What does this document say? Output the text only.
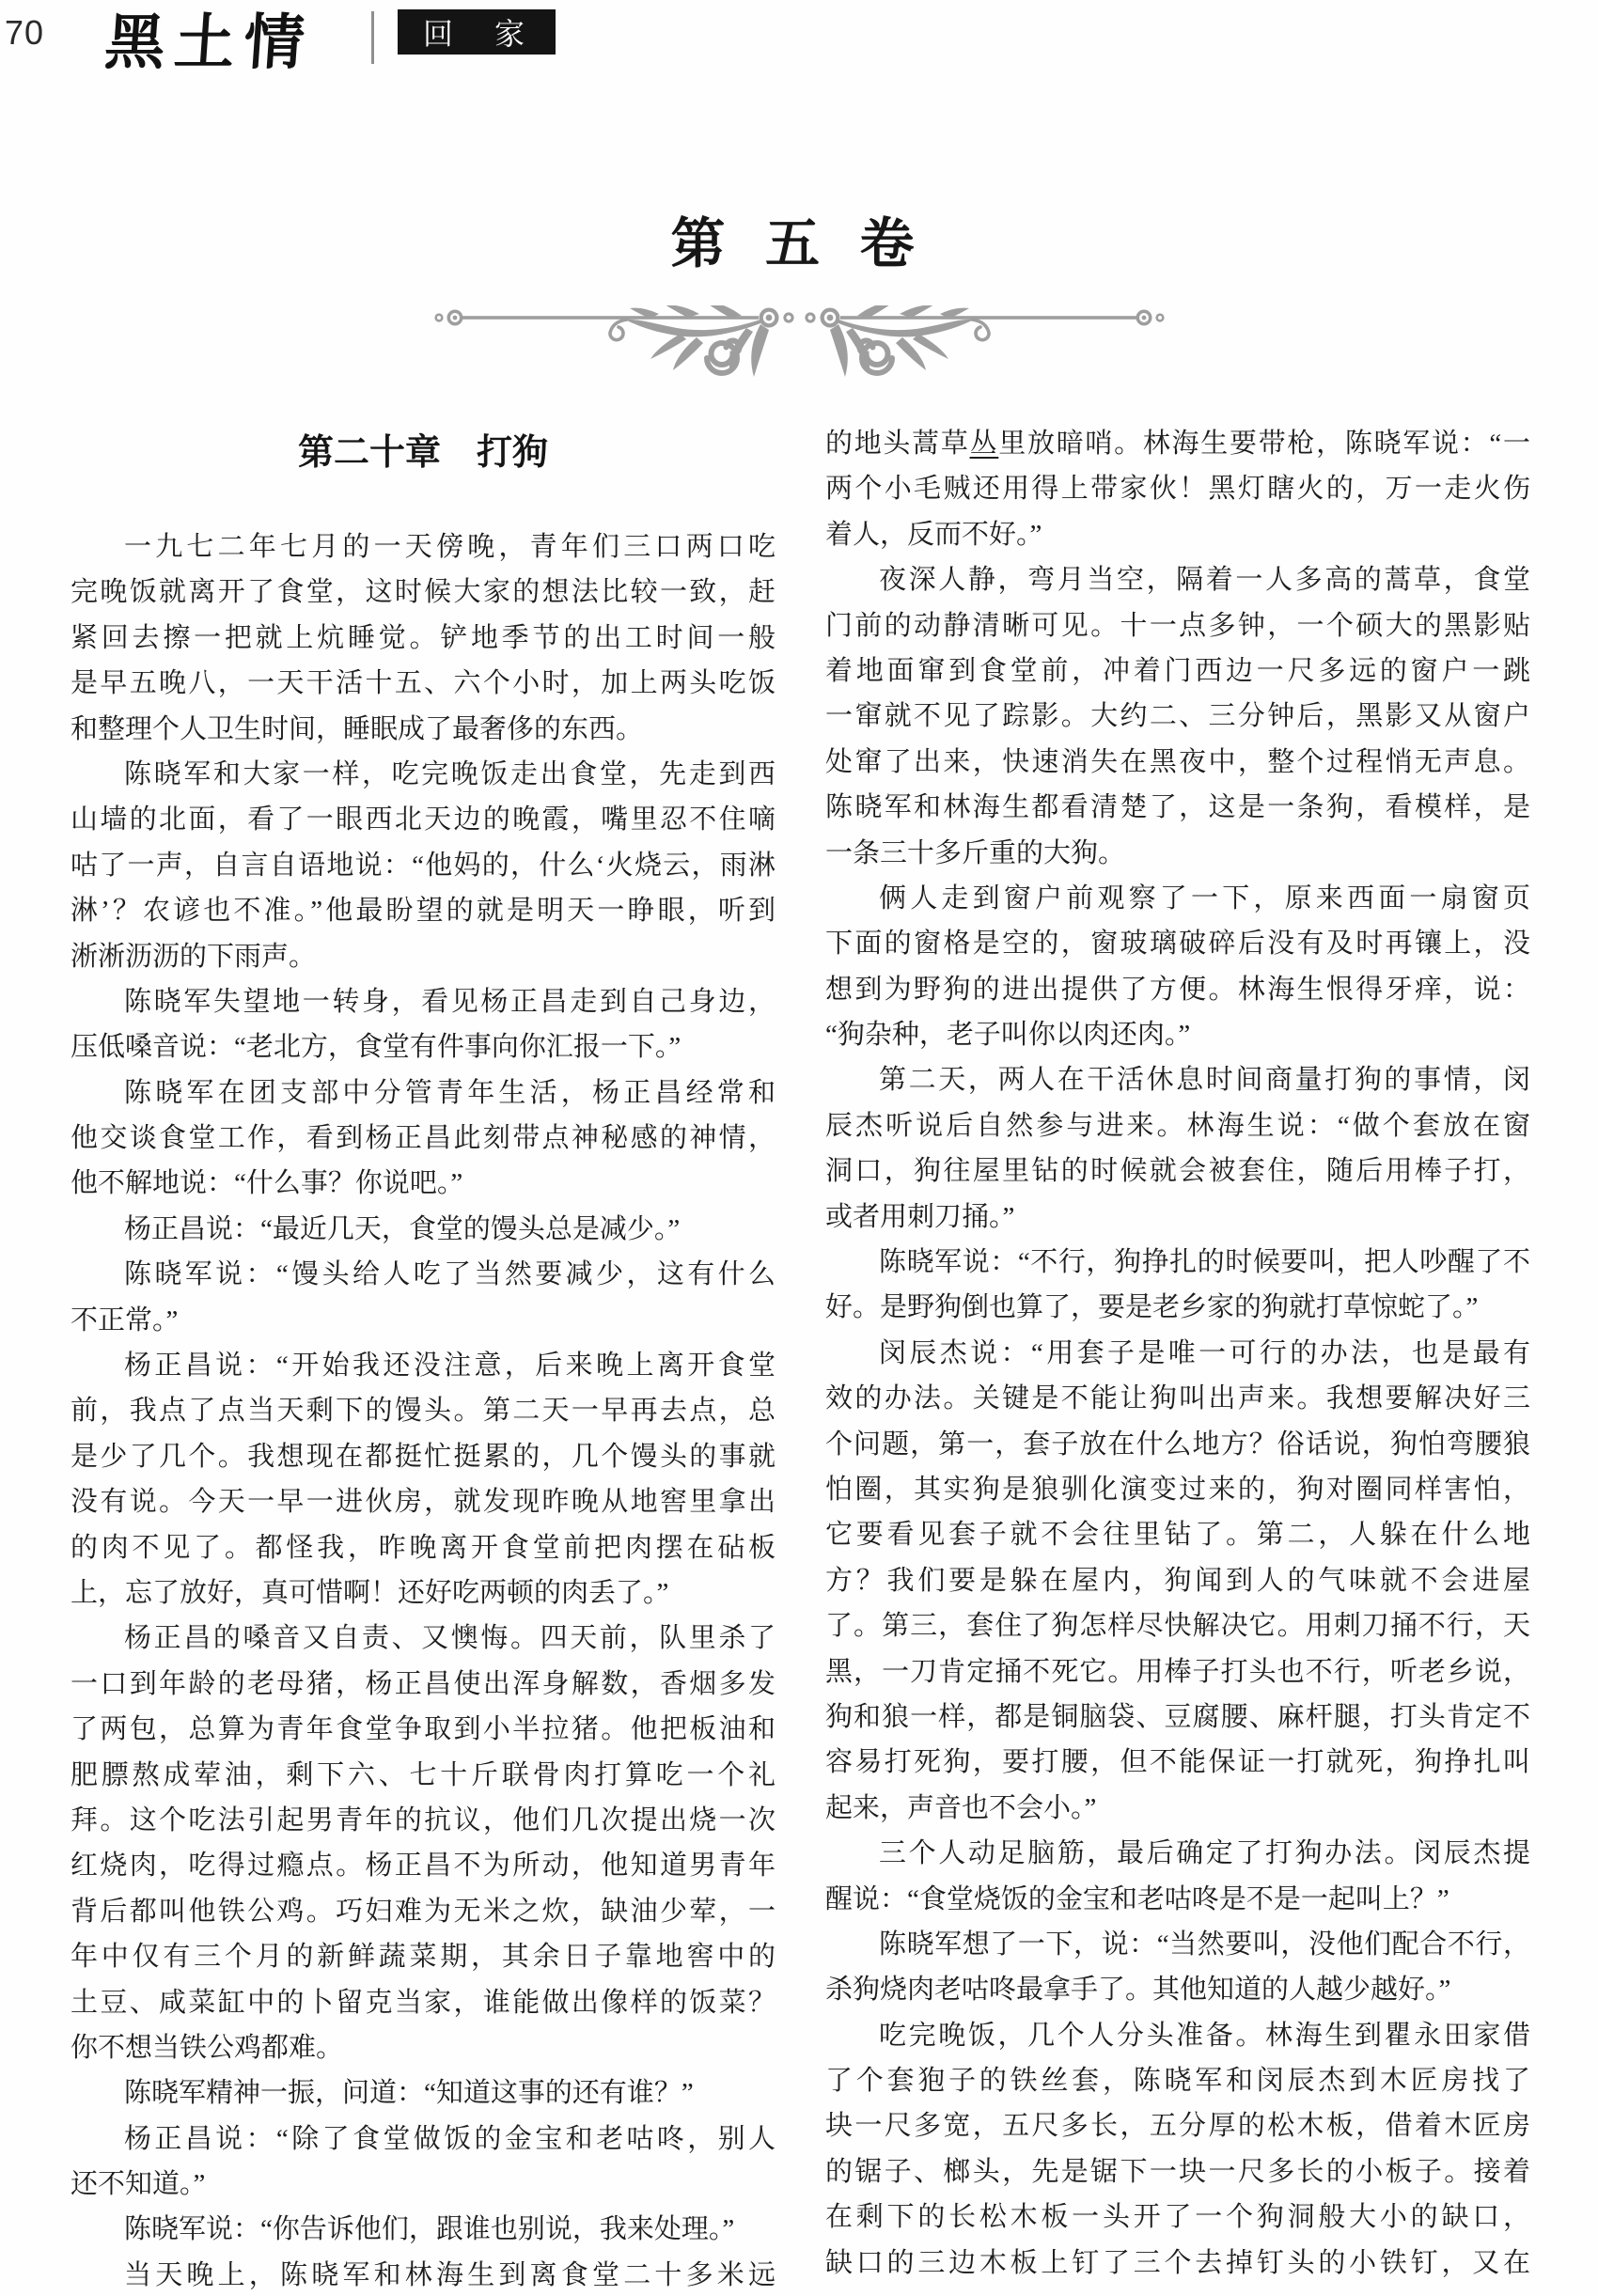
70 黑土情	回　家
第 五 卷
第二十章　打狗
一九七二年七月的一天傍晚，青年们三口两口吃
完晚饭就离开了食堂，这时候大家的想法比较一致，赶
紧回去擦一把就上炕睡觉。铲地季节的出工时间一般
是早五晚八，一天干活十五、六个小时，加上两头吃饭
和整理个人卫生时间，睡眠成了最奢侈的东西。
陈晓军和大家一样，吃完晚饭走出食堂，先走到西
山墙的北面，看了一眼西北天边的晚霞，嘴里忍不住嘀
咕了一声，自言自语地说：“他妈的，什么‘火烧云，雨淋
淋’？农谚也不准。”他最盼望的就是明天一睁眼，听到
淅淅沥沥的下雨声。
陈晓军失望地一转身，看见杨正昌走到自己身边，
压低嗓音说：“老北方，食堂有件事向你汇报一下。”
陈晓军在团支部中分管青年生活，杨正昌经常和
他交谈食堂工作，看到杨正昌此刻带点神秘感的神情，
他不解地说：“什么事？你说吧。”
杨正昌说：“最近几天，食堂的馒头总是减少。”
陈晓军说：“馒头给人吃了当然要减少，这有什么
不正常。”
杨正昌说：“开始我还没注意，后来晚上离开食堂
前，我点了点当天剩下的馒头。第二天一早再去点，总
是少了几个。我想现在都挺忙挺累的，几个馒头的事就
没有说。今天一早一进伙房，就发现昨晚从地窖里拿出
的肉不见了。都怪我，昨晚离开食堂前把肉摆在砧板
上，忘了放好，真可惜啊！还好吃两顿的肉丢了。”
杨正昌的嗓音又自责、又懊悔。四天前，队里杀了
一口到年龄的老母猪，杨正昌使出浑身解数，香烟多发
了两包，总算为青年食堂争取到小半拉猪。他把板油和
肥膘熬成荤油，剩下六、七十斤联骨肉打算吃一个礼
拜。这个吃法引起男青年的抗议，他们几次提出烧一次
红烧肉，吃得过瘾点。杨正昌不为所动，他知道男青年
背后都叫他铁公鸡。巧妇难为无米之炊，缺油少荤，一
年中仅有三个月的新鲜蔬菜期，其余日子靠地窖中的
土豆、咸菜缸中的卜留克当家，谁能做出像样的饭菜？
你不想当铁公鸡都难。
陈晓军精神一振，问道：“知道这事的还有谁？”
杨正昌说：“除了食堂做饭的金宝和老咕咚，别人
还不知道。”
陈晓军说：“你告诉他们，跟谁也别说，我来处理。”
当天晚上，陈晓军和林海生到离食堂二十多米远
的地头蒿草丛里放暗哨。林海生要带枪，陈晓军说：“一
两个小毛贼还用得上带家伙！黑灯瞎火的，万一走火伤
着人，反而不好。”
夜深人静，弯月当空，隔着一人多高的蒿草，食堂
门前的动静清晰可见。十一点多钟，一个硕大的黑影贴
着地面窜到食堂前，冲着门西边一尺多远的窗户一跳
一窜就不见了踪影。大约二、三分钟后，黑影又从窗户
处窜了出来，快速消失在黑夜中，整个过程悄无声息。
陈晓军和林海生都看清楚了，这是一条狗，看模样，是
一条三十多斤重的大狗。
俩人走到窗户前观察了一下，原来西面一扇窗页
下面的窗格是空的，窗玻璃破碎后没有及时再镶上，没
想到为野狗的进出提供了方便。林海生恨得牙痒，说：
“狗杂种，老子叫你以肉还肉。”
第二天，两人在干活休息时间商量打狗的事情，闵
辰杰听说后自然参与进来。林海生说：“做个套放在窗
洞口，狗往屋里钻的时候就会被套住，随后用棒子打，
或者用刺刀捅。”
陈晓军说：“不行，狗挣扎的时候要叫，把人吵醒了不
好。是野狗倒也算了，要是老乡家的狗就打草惊蛇了。”
闵辰杰说：“用套子是唯一可行的办法，也是最有
效的办法。关键是不能让狗叫出声来。我想要解决好三
个问题，第一，套子放在什么地方？俗话说，狗怕弯腰狼
怕圈，其实狗是狼驯化演变过来的，狗对圈同样害怕，
它要看见套子就不会往里钻了。第二，人躲在什么地
方？我们要是躲在屋内，狗闻到人的气味就不会进屋
了。第三，套住了狗怎样尽快解决它。用刺刀捅不行，天
黑，一刀肯定捅不死它。用棒子打头也不行，听老乡说，
狗和狼一样，都是铜脑袋、豆腐腰、麻杆腿，打头肯定不
容易打死狗，要打腰，但不能保证一打就死，狗挣扎叫
起来，声音也不会小。”
三个人动足脑筋，最后确定了打狗办法。闵辰杰提
醒说：“食堂烧饭的金宝和老咕咚是不是一起叫上？”
陈晓军想了一下，说：“当然要叫，没他们配合不行，
杀狗烧肉老咕咚最拿手了。其他知道的人越少越好。”
吃完晚饭，几个人分头准备。林海生到瞿永田家借
了个套狍子的铁丝套，陈晓军和闵辰杰到木匠房找了
块一尺多宽，五尺多长，五分厚的松木板，借着木匠房
的锯子、榔头，先是锯下一块一尺多长的小板子。接着
在剩下的长松木板一头开了一个狗洞般大小的缺口，
缺口的三边木板上钉了三个去掉钉头的小铁钉，又在
